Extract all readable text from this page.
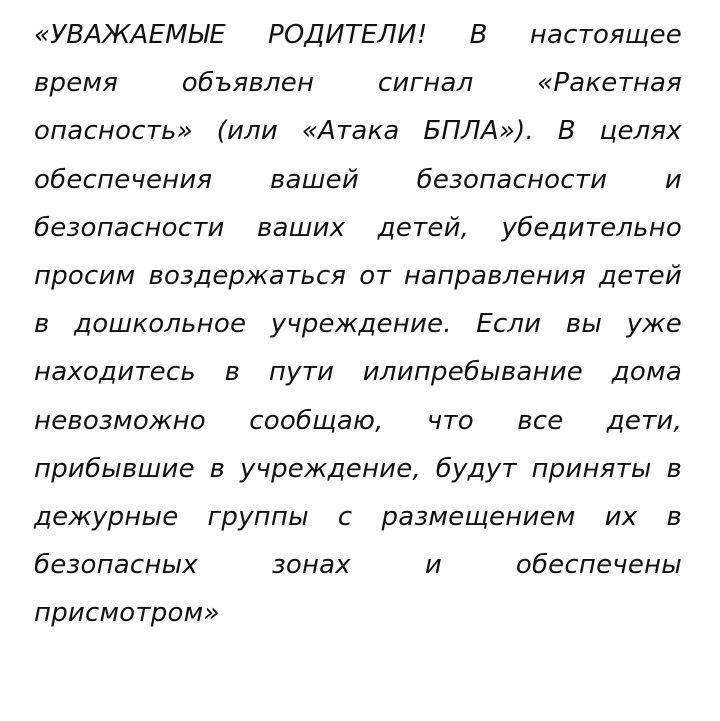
«УВАЖАЕМЫЕ РОДИТЕЛИ! В настоящее
время объявлен сигнал «Ракетная
опасность» (или «Атака БПЛА»). В целях
обеспечения вашей безопасности и
безопасности ваших детей, убедительно
просим воздержаться от направления детей
в дошкольное учреждение. Если вы уже
находитесь в пути илипребывание дома
невозможно сообщаю, что все дети,
прибывшие в учреждение, будут приняты в
дежурные группы с размещением их в
безопасных	зонах	и	обеспечены
присмотром»
